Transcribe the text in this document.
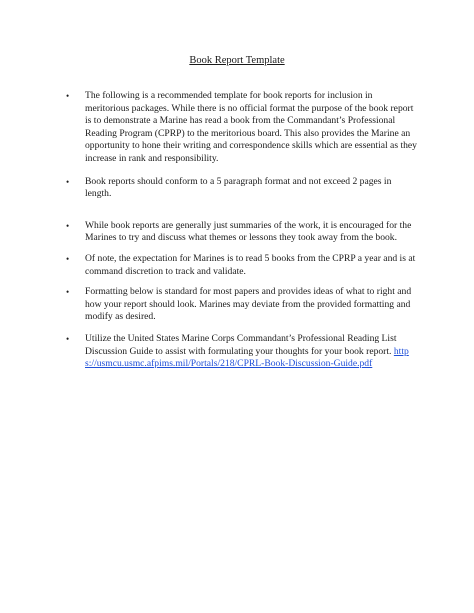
Book Report Template
• The following is a recommended template for book reports for inclusion in meritorious packages. While there is no official format the purpose of the book report is to demonstrate a Marine has read a book from the Commandant’s Professional Reading Program (CPRP) to the meritorious board. This also provides the Marine an opportunity to hone their writing and correspondence skills which are essential as they increase in rank and responsibility.
• Book reports should conform to a 5 paragraph format and not exceed 2 pages in length.
• While book reports are generally just summaries of the work, it is encouraged for the Marines to try and discuss what themes or lessons they took away from the book.
• Of note, the expectation for Marines is to read 5 books from the CPRP a year and is at command discretion to track and validate.
• Formatting below is standard for most papers and provides ideas of what to right and how your report should look. Marines may deviate from the provided formatting and modify as desired.
• Utilize the United States Marine Corps Commandant’s Professional Reading List Discussion Guide to assist with formulating your thoughts for your book report. https://usmcu.usmc.afpims.mil/Portals/218/CPRL-Book-Discussion-Guide.pdf
